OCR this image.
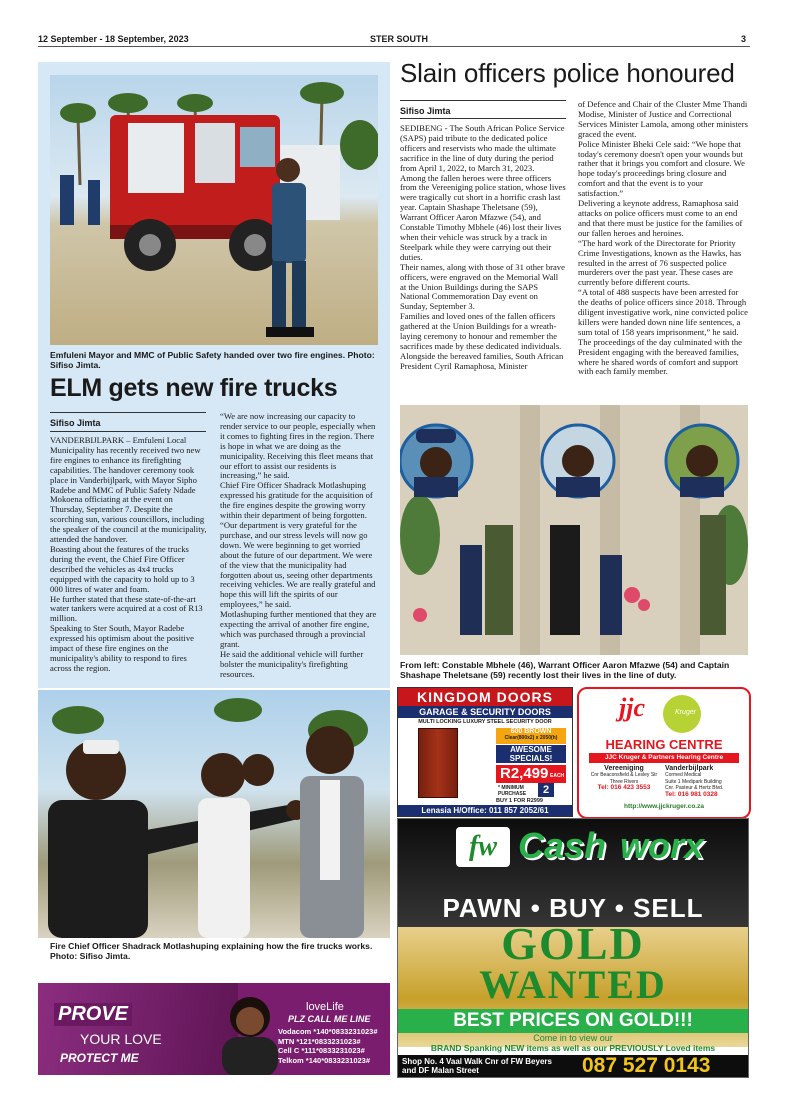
12 September - 18 September, 2023	STER SOUTH	3
Emfuleni Mayor and MMC of Public Safety handed over two fire engines. Photo: Sifiso Jimta.
ELM gets new fire trucks
Sifiso Jimta

VANDERBIJLPARK – Emfuleni Local Municipality has recently received two new fire engines to enhance its firefighting capabilities. The handover ceremony took place in Vanderbijlpark, with Mayor Sipho Radebe and MMC of Public Safety Ndade Mokoena officiating at the event on Thursday, September 7. Despite the scorching sun, various councillors, including the speaker of the council at the municipality, attended the handover.

Boasting about the features of the trucks during the event, the Chief Fire Officer described the vehicles as 4x4 trucks equipped with the capacity to hold up to 3 000 litres of water and foam.

He further stated that these state-of-the-art water tankers were acquired at a cost of R13 million.

Speaking to Ster South, Mayor Radebe expressed his optimism about the positive impact of these fire engines on the municipality's ability to respond to fires across the region.

“We are now increasing our capacity to render service to our people, especially when it comes to fighting fires in the region. There is hope in what we are doing as the municipality. Receiving this fleet means that our effort to assist our residents is increasing,” he said.

Chief Fire Officer Shadrack Motlashuping expressed his gratitude for the acquisition of the fire engines despite the growing worry within their department of being forgotten. “Our department is very grateful for the purchase, and our stress levels will now go down. We were beginning to get worried about the future of our department. We were of the view that the municipality had forgotten about us, seeing other departments receiving vehicles. We are really grateful and hope this will lift the spirits of our employees,” he said.

Motlashuping further mentioned that they are expecting the arrival of another fire engine, which was purchased through a provincial grant.

He said the additional vehicle will further bolster the municipality's firefighting resources.

Fire Chief Officer Shadrack Motlashuping explaining how the fire trucks works. Photo: Sifiso Jimta.
PROVE
YOUR LOVE
PROTECT ME
loveLife
PLZ CALL ME LINE
Vodacom *140*0833231023#
MTN *121*0833231023#
Cell C *111*0833231023#
Telkom *140*0833231023#
Slain officers police honoured
Sifiso Jimta

SEDIBENG - The South African Police Service (SAPS) paid tribute to the dedicated police officers and reservists who made the ultimate sacrifice in the line of duty during the period from April 1, 2022, to March 31, 2023.

Among the fallen heroes were three officers from the Vereeniging police station, whose lives were tragically cut short in a horrific crash last year. Captain Shashape Theletsane (59), Warrant Officer Aaron Mfazwe (54), and Constable Timothy Mbhele (46) lost their lives when their vehicle was struck by a track in Steelpark while they were carrying out their duties.

Their names, along with those of 31 other brave officers, were engraved on the Memorial Wall at the Union Buildings during the SAPS National Commemoration Day event on Sunday, September 3.

Families and loved ones of the fallen officers gathered at the Union Buildings for a wreath-laying ceremony to honour and remember the sacrifices made by these dedicated individuals.

Alongside the bereaved families, South African President Cyril Ramaphosa, Minister

of Defence and Chair of the Cluster Mme Thandi Modise, Minister of Justice and Correctional Services Minister Lamola, among other ministers graced the event.

Police Minister Bheki Cele said: “We hope that today's ceremony doesn't open your wounds but rather that it brings you comfort and closure. We hope today's proceedings bring closure and comfort and that the event is to your satisfaction.”

Delivering a keynote address, Ramaphosa said attacks on police officers must come to an end and that there must be justice for the families of our fallen heroes and heroines.

“The hard work of the Directorate for Priority Crime Investigations, known as the Hawks, has resulted in the arrest of 76 suspected police murderers over the past year. These cases are currently before different courts.

“A total of 488 suspects have been arrested for the deaths of police officers since 2018. Through diligent investigative work, nine convicted police killers were handed down nine life sentences, a sum total of 158 years imprisonment,” he said.

The proceedings of the day culminated with the President engaging with the bereaved families, where he shared words of comfort and support with each family member.

From left: Constable Mbhele (46), Warrant Officer Aaron Mfazwe (54) and Captain Shashape Theletsane (59) recently lost their lives in the line of duty.
KINGDOM DOORS
GARAGE & SECURITY DOORS
MULTI LOCKING LUXURY STEEL SECURITY DOOR
600 BROWN
Clear(800x2) x 2050(h)
AWESOME
SPECIALS!
R2,499 EACH
* MINIMUM
PURCHASE	2
BUY 1 FOR R2999
Lenasia H/Office: 011 857 2052/61
jjc	Kruger
HEARING CENTRE
JJC Kruger & Partners Hearing Centre
Vereeniging
Cnr Beaconsfield & Lesley Str
Three Rivers
Tel: 016 423 3553
Vanderbijlpark
Cormed Medical
Suite 1 Medipark Building
Cnr. Pasteur & Hertz Blvd.
Tel: 016 981 0328
http://www.jjckruger.co.za
fw Cash worx
PAWN • BUY • SELL
GOLD
WANTED
BEST PRICES ON GOLD!!!
Come in to view our
BRAND Spanking NEW items as well as our PREVIOUSLY Loved items
Shop No. 4 Vaal Walk Cnr of FW Beyers
and DF Malan Street	087 527 0143
